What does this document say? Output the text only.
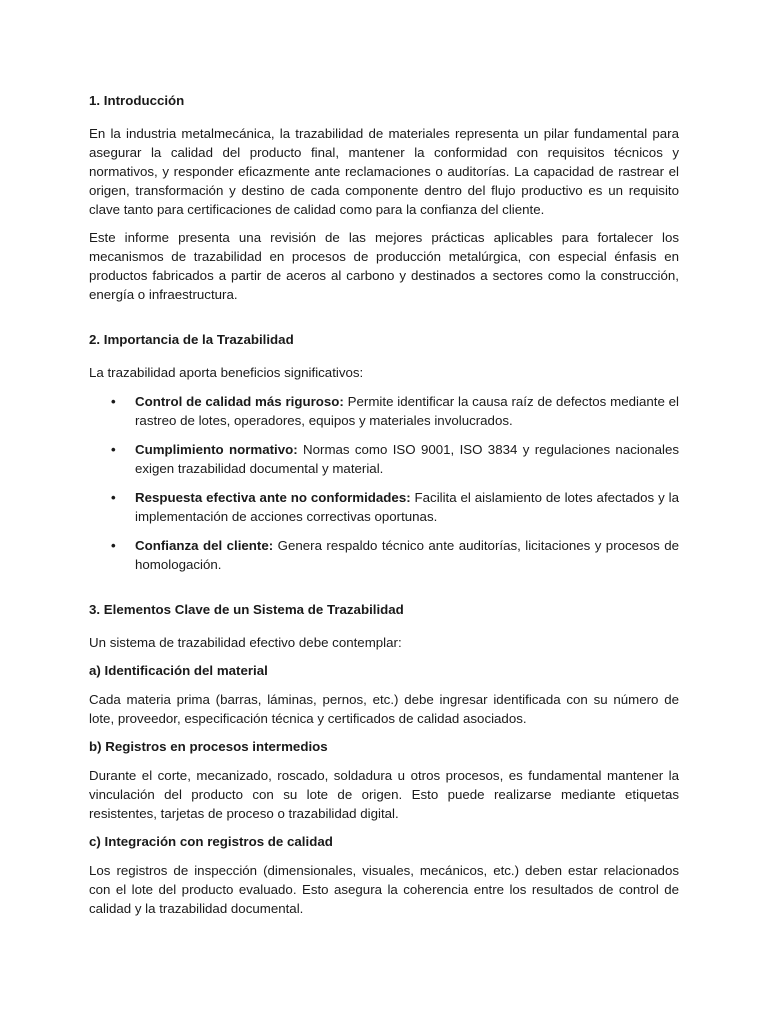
1. Introducción

En la industria metalmecánica, la trazabilidad de materiales representa un pilar fundamental para asegurar la calidad del producto final, mantener la conformidad con requisitos técnicos y normativos, y responder eficazmente ante reclamaciones o auditorías. La capacidad de rastrear el origen, transformación y destino de cada componente dentro del flujo productivo es un requisito clave tanto para certificaciones de calidad como para la confianza del cliente.

Este informe presenta una revisión de las mejores prácticas aplicables para fortalecer los mecanismos de trazabilidad en procesos de producción metalúrgica, con especial énfasis en productos fabricados a partir de aceros al carbono y destinados a sectores como la construcción, energía o infraestructura.

2. Importancia de la Trazabilidad

La trazabilidad aporta beneficios significativos:

• Control de calidad más riguroso: Permite identificar la causa raíz de defectos mediante el rastreo de lotes, operadores, equipos y materiales involucrados.
• Cumplimiento normativo: Normas como ISO 9001, ISO 3834 y regulaciones nacionales exigen trazabilidad documental y material.
• Respuesta efectiva ante no conformidades: Facilita el aislamiento de lotes afectados y la implementación de acciones correctivas oportunas.
• Confianza del cliente: Genera respaldo técnico ante auditorías, licitaciones y procesos de homologación.
3. Elementos Clave de un Sistema de Trazabilidad

Un sistema de trazabilidad efectivo debe contemplar:

a) Identificación del material

Cada materia prima (barras, láminas, pernos, etc.) debe ingresar identificada con su número de lote, proveedor, especificación técnica y certificados de calidad asociados.

b) Registros en procesos intermedios

Durante el corte, mecanizado, roscado, soldadura u otros procesos, es fundamental mantener la vinculación del producto con su lote de origen. Esto puede realizarse mediante etiquetas resistentes, tarjetas de proceso o trazabilidad digital.

c) Integración con registros de calidad

Los registros de inspección (dimensionales, visuales, mecánicos, etc.) deben estar relacionados con el lote del producto evaluado. Esto asegura la coherencia entre los resultados de control de calidad y la trazabilidad documental.
